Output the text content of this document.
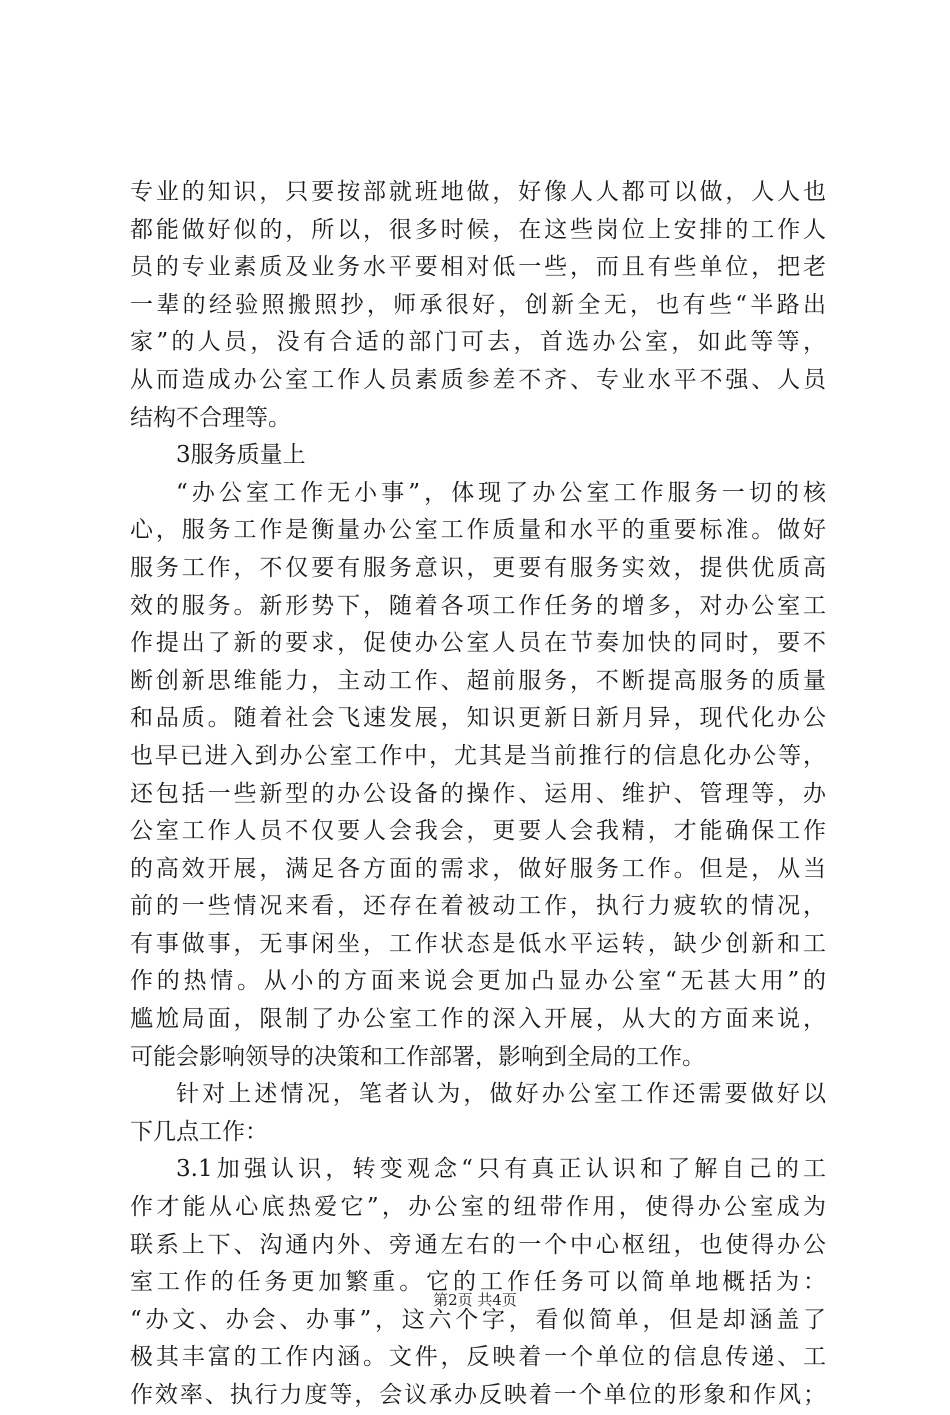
专业的知识，只要按部就班地做，好像人人都可以做，人人也
都能做好似的，所以，很多时候，在这些岗位上安排的工作人
员的专业素质及业务水平要相对低一些，而且有些单位，把老
一辈的经验照搬照抄，师承很好，创新全无，也有些“半路出
家”的人员，没有合适的部门可去，首选办公室，如此等等，
从而造成办公室工作人员素质参差不齐、专业水平不强、人员
结构不合理等。
3服务质量上
“办公室工作无小事”，体现了办公室工作服务一切的核
心，服务工作是衡量办公室工作质量和水平的重要标准。做好
服务工作，不仅要有服务意识，更要有服务实效，提供优质高
效的服务。新形势下，随着各项工作任务的增多，对办公室工
作提出了新的要求，促使办公室人员在节奏加快的同时，要不
断创新思维能力，主动工作、超前服务，不断提高服务的质量
和品质。随着社会飞速发展，知识更新日新月异，现代化办公
也早已进入到办公室工作中，尤其是当前推行的信息化办公等，
还包括一些新型的办公设备的操作、运用、维护、管理等，办
公室工作人员不仅要人会我会，更要人会我精，才能确保工作
的高效开展，满足各方面的需求，做好服务工作。但是，从当
前的一些情况来看，还存在着被动工作，执行力疲软的情况，
有事做事，无事闲坐，工作状态是低水平运转，缺少创新和工
作的热情。从小的方面来说会更加凸显办公室“无甚大用”的
尴尬局面，限制了办公室工作的深入开展，从大的方面来说，
可能会影响领导的决策和工作部署，影响到全局的工作。
针对上述情况，笔者认为，做好办公室工作还需要做好以
下几点工作：
3.1加强认识，转变观念“只有真正认识和了解自己的工
作才能从心底热爱它”，办公室的纽带作用，使得办公室成为
联系上下、沟通内外、旁通左右的一个中心枢纽，也使得办公
室工作的任务更加繁重。它的工作任务可以简单地概括为：
“办文、办会、办事”，这六个字，看似简单，但是却涵盖了
极其丰富的工作内涵。文件，反映着一个单位的信息传递、工
作效率、执行力度等，会议承办反映着一个单位的形象和作风；
第2页 共4页
